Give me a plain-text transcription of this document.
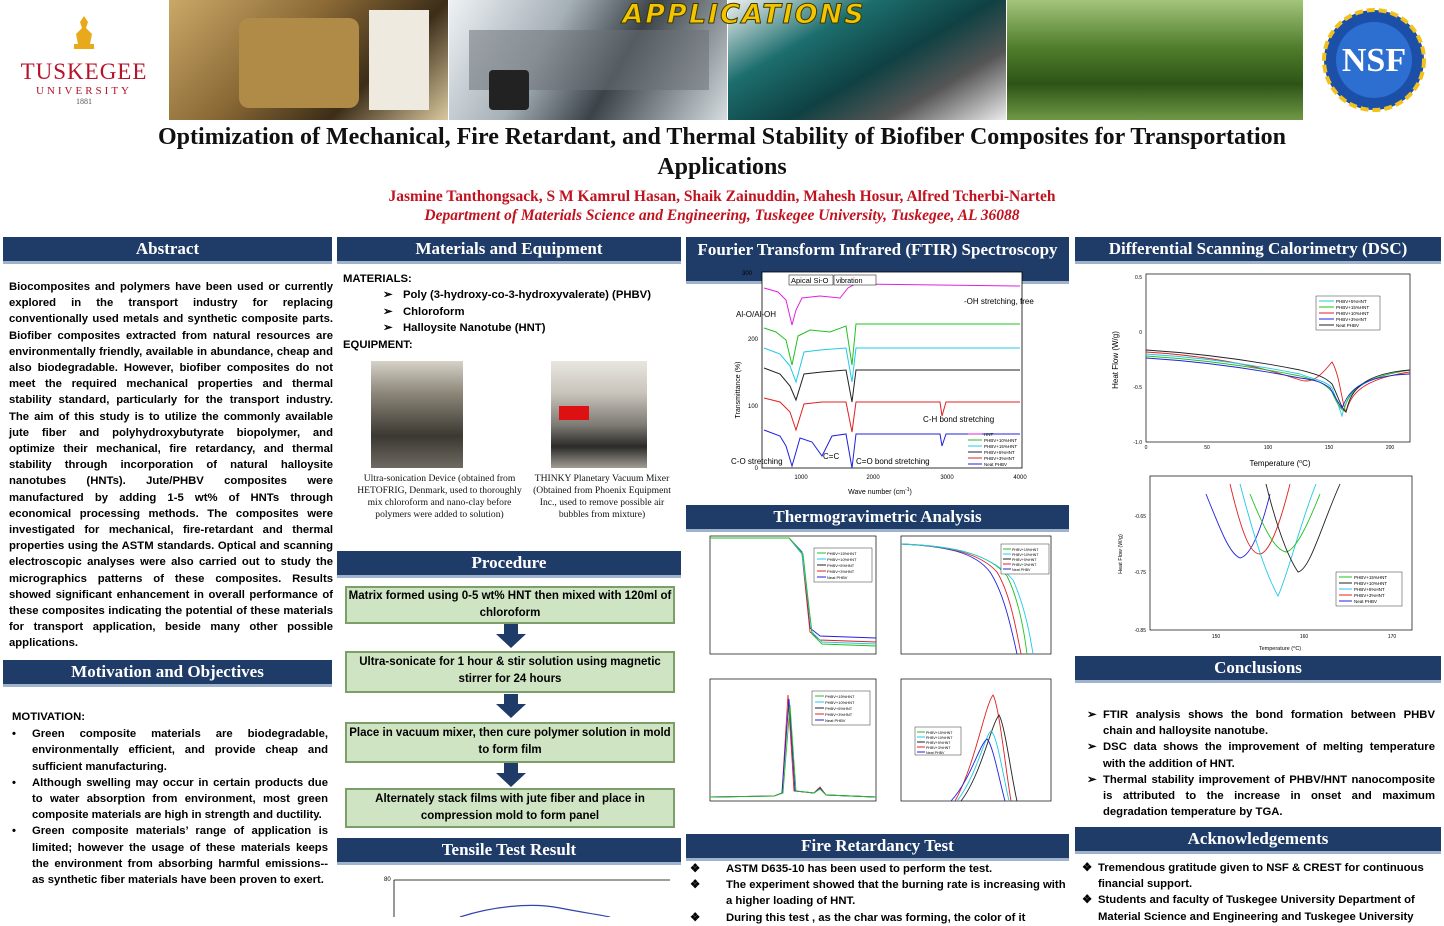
TUSKEGEE
UNIVERSITY
1881
APPLICATIONS
NSF
Optimization of Mechanical, Fire Retardant, and Thermal Stability of Biofiber Composites for Transportation Applications
Jasmine Tanthongsack, S M Kamrul Hasan, Shaik Zainuddin, Mahesh Hosur, Alfred Tcherbi-Narteh
Department of Materials Science and Engineering, Tuskegee University, Tuskegee, AL 36088
Abstract
Biocomposites and polymers have been used or currently explored in the transport industry for replacing conventionally used metals and synthetic composite parts. Biofiber composites extracted from natural resources are environmentally friendly, available in abundance, cheap and also biodegradable. However, biofiber composites do not meet the required mechanical properties and thermal stability standard, particularly for the transport industry. The aim of this study is to utilize the commonly available jute fiber and polyhydroxybutyrate biopolymer, and optimize their mechanical, fire retardancy, and thermal stability through incorporation of natural halloysite nanotubes (HNTs). Jute/PHBV composites were manufactured by adding 1-5 wt% of HNTs through economical processing methods. The composites were investigated for mechanical, fire-retardant and thermal properties using the ASTM standards. Optical and scanning electroscopic analyses were also carried out to study the micrographics patterns of these composites. Results showed significant enhancement in overall performance of these composites indicating the potential of these materials for transport application, beside many other possible applications.
Motivation and Objectives
MOTIVATION:
• Green composite materials are biodegradable, environmentally efficient, and provide cheap and sufficient manufacturing.
• Although swelling may occur in certain products due to water absorption from environment, most green composite materials are high in strength and ductility.
• Green composite materials’ range of application is limited; however the usage of these materials keeps the environment from absorbing harmful emissions--as synthetic fiber materials have been proven to exert.
Materials and Equipment
MATERIALS:
➢ Poly (3-hydroxy-co-3-hydroxyvalerate) (PHBV)
➢ Chloroform
➢ Halloysite Nanotube (HNT)
EQUIPMENT:
Ultra-sonication Device (obtained from HETOFRIG, Denmark, used to thoroughly mix chloroform and nano-clay before polymers were added to solution)
THINKY Planetary Vacuum Mixer (Obtained from Phoenix Equipment Inc., used to remove possible air bubbles from mixture)
Procedure
Matrix formed using 0-5 wt% HNT then mixed with 120ml of chloroform
Ultra-sonicate for 1 hour & stir solution using magnetic stirrer for 24 hours
Place in vacuum mixer, then cure polymer solution in mold to form film
Alternately stack films with jute fiber and place in compression mold to form panel
Tensile Test Result
80
Fourier Transform Infrared (FTIR) Spectroscopy
Transmittance (%)
300
200
100
0
1000	2000	3000	4000
Wave number $(cm^{-1})$
Apical Si-O vibration
Al-O/Al-OH
-OH stretching, free
C-H bond stretching
C-O stretching
C=C
C=O bond stretching
HNT
PHBV+10%HNT
PHBV+15%HNT
PHBV+5%HNT
PHBV+3%HNT
Neat PHBV
Thermogravimetric Analysis
PHBV+15%HNT
PHBV+10%HNT
PHBV+5%HNT
PHBV+3%HNT
Neat PHBV
PHBV+15%HNT
PHBV+10%HNT
PHBV+5%HNT
PHBV+3%HNT
Neat PHBV
PHBV+15%HNT
PHBV+10%HNT
PHBV+5%HNT
PHBV+3%HNT
Neat PHBV
PHBV+15%HNT
PHBV+10%HNT
PHBV+5%HNT
PHBV+3%HNT
Neat PHBV
Fire Retardancy Test
❖ ASTM D635-10 has been used to perform the test.
❖ The experiment showed that the burning rate is increasing with a higher loading of HNT.
❖ During this test , as the char was forming, the color of it
Differential Scanning Calorimetry (DSC)
Heat Flow (W/g)
0.5
0
-0.5
-1.0
0	50	100	150	200
Temperature ($^o$C)
PHBV+5%HNT
PHBV+15%HNT
PHBV+10%HNT
PHBV+3%HNT
Neat PHBV
Heat Flow (W/g)
-0.65
-0.75
-0.85
150	160	170
Temperature ($^o$C)
PHBV+15%HNT
PHBV+10%HNT
PHBV+5%HNT
PHBV+3%HNT
Neat PHBV
Conclusions
➢ FTIR analysis shows the bond formation between PHBV chain and halloysite nanotube.
➢ DSC data shows the improvement of melting temperature with the addition of HNT.
➢ Thermal stability improvement of PHBV/HNT nanocomposite is attributed to the increase in onset and maximum degradation temperature by TGA.
Acknowledgements
❖ Tremendous gratitude given to NSF & CREST for continuous financial support.
❖ Students and faculty of Tuskegee University Department of Material Science and Engineering and Tuskegee University
